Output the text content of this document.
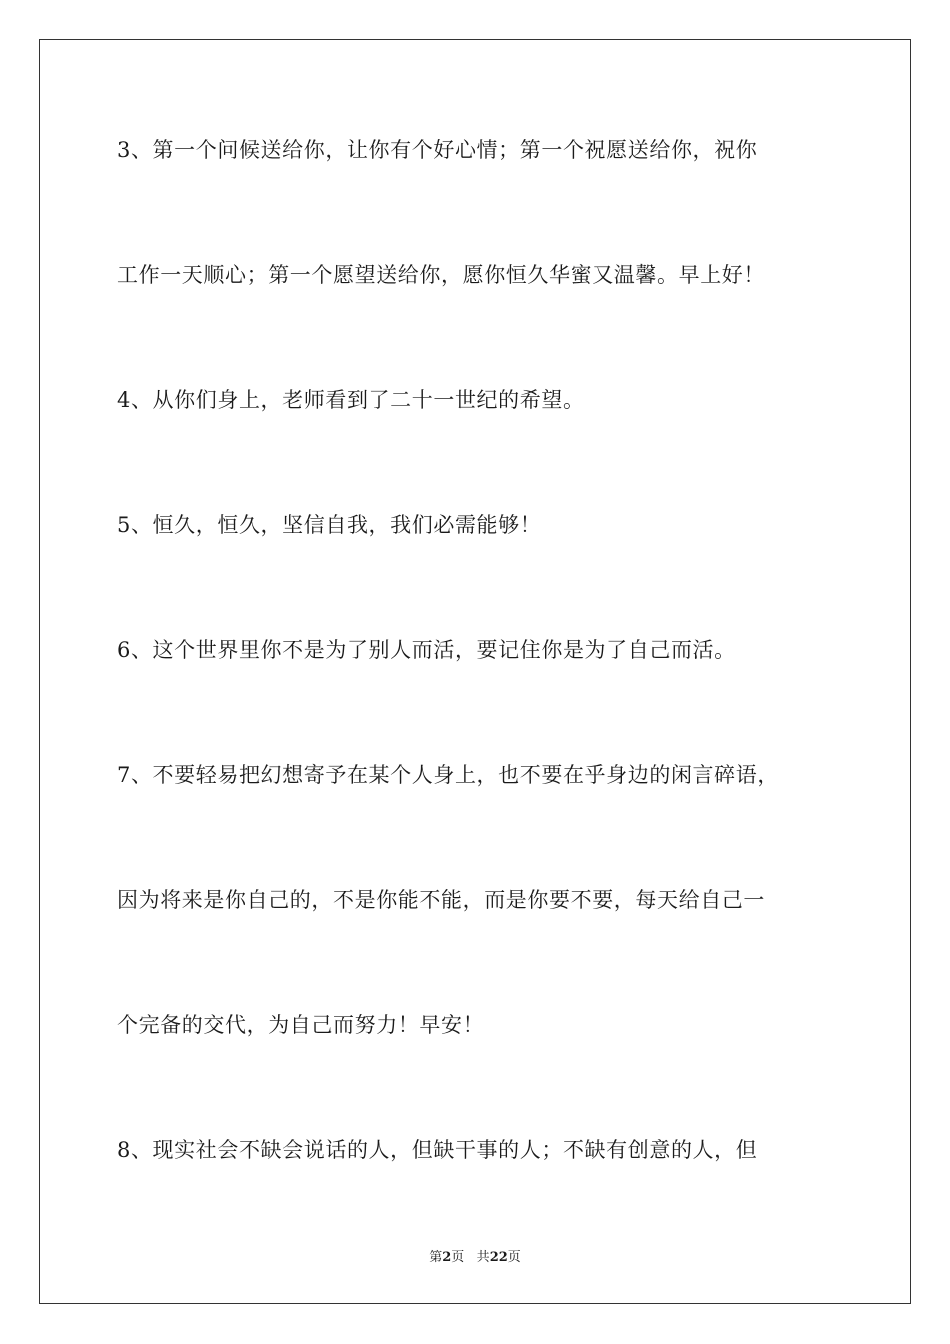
3、第一个问候送给你，让你有个好心情；第一个祝愿送给你，祝你
工作一天顺心；第一个愿望送给你，愿你恒久华蜜又温馨。早上好！
4、从你们身上，老师看到了二十一世纪的希望。
5、恒久，恒久，坚信自我，我们必需能够！
6、这个世界里你不是为了别人而活，要记住你是为了自己而活。
7、不要轻易把幻想寄予在某个人身上，也不要在乎身边的闲言碎语，
因为将来是你自己的，不是你能不能，而是你要不要，每天给自己一
个完备的交代，为自己而努力！早安！
8、现实社会不缺会说话的人，但缺干事的人；不缺有创意的人，但
第2页 共22页
